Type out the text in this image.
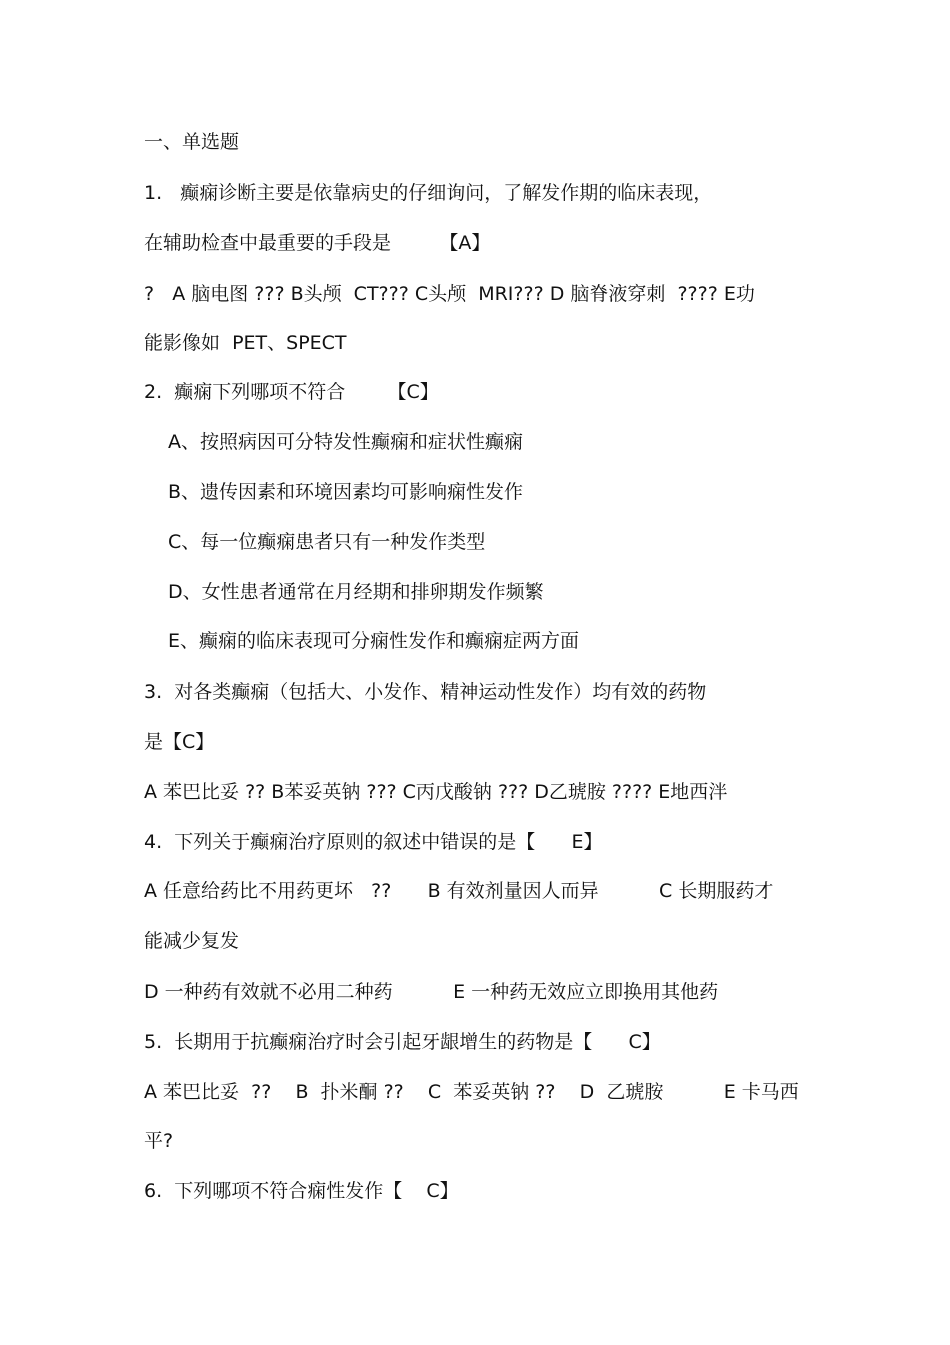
一、单选题
1.   癫痫诊断主要是依靠病史的仔细询问，了解发作期的临床表现，
在辅助检查中最重要的手段是        【A】
?   A 脑电图 ??? B头颅  CT??? C头颅  MRI??? D 脑脊液穿刺  ???? E功
能影像如  PET、SPECT
2.  癫痫下列哪项不符合       【C】
A、按照病因可分特发性癫痫和症状性癫痫
B、遗传因素和环境因素均可影响痫性发作
C、每一位癫痫患者只有一种发作类型
D、女性患者通常在月经期和排卵期发作频繁
E、癫痫的临床表现可分痫性发作和癫痫症两方面
3.  对各类癫痫（包括大、小发作、精神运动性发作）均有效的药物
是【C】
A 苯巴比妥 ?? B苯妥英钠 ??? C丙戊酸钠 ??? D乙琥胺 ???? E地西泮
4.  下列关于癫痫治疗原则的叙述中错误的是【      E】
A 任意给药比不用药更坏   ??      B 有效剂量因人而异          C 长期服药才
能减少复发
D 一种药有效就不必用二种药          E 一种药无效应立即换用其他药
5.  长期用于抗癫痫治疗时会引起牙龈增生的药物是【      C】
A 苯巴比妥  ??    B  扑米酮 ??    C  苯妥英钠 ??    D  乙琥胺          E 卡马西
平?
6.  下列哪项不符合痫性发作【    C】
